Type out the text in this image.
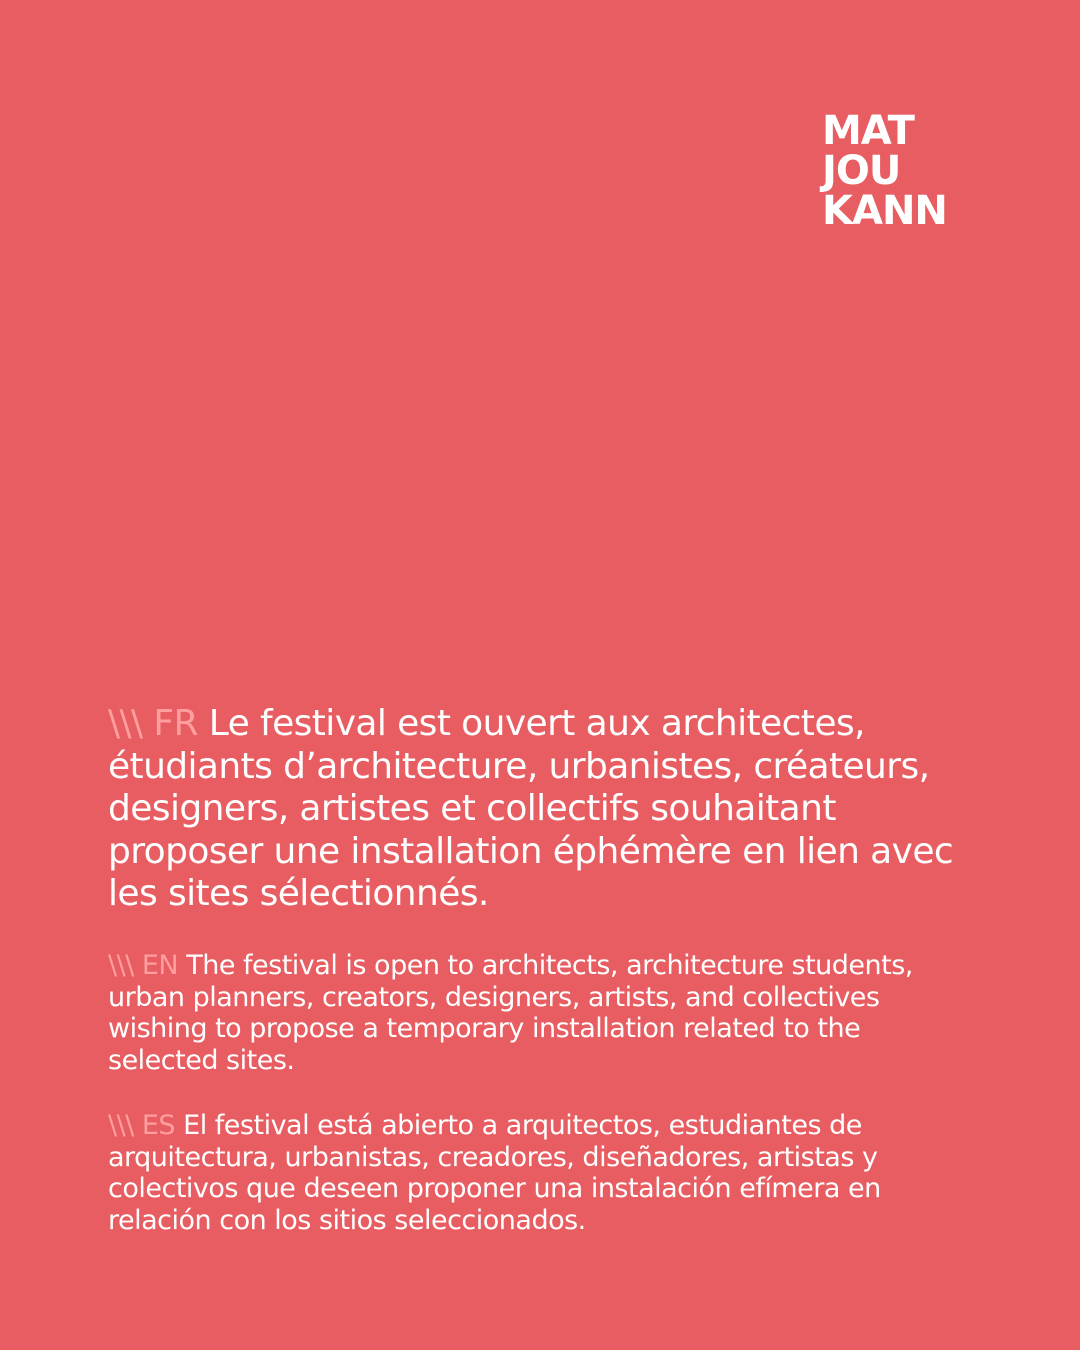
MAT
JOU
KANN
\\\ FR Le festival est ouvert aux architectes, étudiants d’architecture, urbanistes, créateurs, designers, artistes et collectifs souhaitant proposer une installation éphémère en lien avec les sites sélectionnés.
\\\ EN The festival is open to architects, architecture students, urban planners, creators, designers, artists, and collectives wishing to propose a temporary installation related to the selected sites.
\\\ ES El festival está abierto a arquitectos, estudiantes de arquitectura, urbanistas, creadores, diseñadores, artistas y colectivos que deseen proponer una instalación efímera en relación con los sitios seleccionados.
